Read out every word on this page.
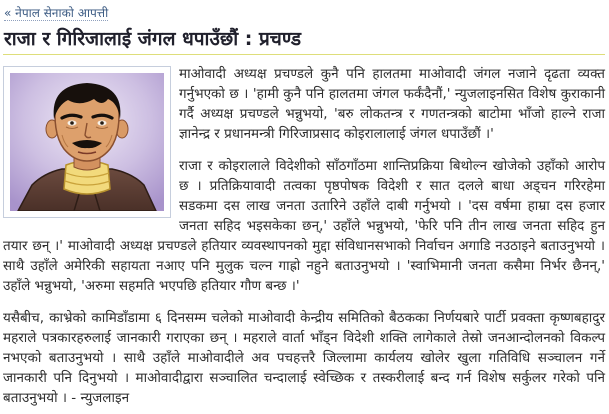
« नेपाल सेनाको आपत्ती
राजा र गिरिजालाई जंगल धपाउँछौं : प्रचण्ड

माओवादी अध्यक्ष प्रचण्डले कुनै पनि हालतमा माओवादी जंगल नजाने दृढता व्यक्त गर्नुभएको छ । 'हामी कुनै पनि हालतमा जंगल फर्कंदैनौं,' न्युजलाइनसित विशेष कुराकानी गर्दै अध्यक्ष प्रचण्डले भन्नुभयो, 'बरु लोकतन्त्र र गणतन्त्रको बाटोमा भाँजो हाल्ने राजा ज्ञानेन्द्र र प्रधानमन्त्री गिरिजाप्रसाद कोइरालालाई जंगल धपाउँछौं ।'

राजा र कोइरालाले विदेशीको साँठगाँठमा शान्तिप्रक्रिया बिथोल्न खोजेको उहाँको आरोप छ । प्रतिक्रियावादी तत्वका पृष्ठपोषक विदेशी र सात दलले बाधा अड्चन गरिरहेमा सडकमा दस लाख जनता उतारिने उहाँले दाबी गर्नुभयो । 'दस वर्षमा हाम्रा दस हजार जनता सहिद भइसकेका छन्,' उहाँले भन्नुभयो, 'फेरि पनि तीन लाख जनता सहिद हुन तयार छन् ।' माओवादी अध्यक्ष प्रचण्डले हतियार व्यवस्थापनको मुद्दा संविधानसभाको निर्वाचन अगाडि नउठाइने बताउनुभयो । साथै उहाँले अमेरिकी सहायता नआए पनि मुलुक चल्न गाह्रो नहुने बताउनुभयो । 'स्वाभिमानी जनता कसैमा निर्भर छैनन्,' उहाँले भन्नुभयो, 'अरुमा सहमति भएपछि हतियार गौण बन्छ ।'

यसैबीच, काभ्रेको कामिडाँडामा ६ दिनसम्म चलेको माओवादी केन्द्रीय समितिको बैठकका निर्णयबारे पार्टी प्रवक्ता कृष्णबहादुर महराले पत्रकारहरुलाई जानकारी गराएका छन् । महराले वार्ता भाँड्न विदेशी शक्ति लागेकाले तेस्रो जनआन्दोलनको विकल्प नभएको बताउनुभयो । साथै उहाँले माओवादीले अव पचहत्तरै जिल्लामा कार्यलय खोलेर खुला गतिविधि सञ्चालन गर्ने जानकारी पनि दिनुभयो । माओवादीद्वारा सञ्चालित चन्दालाई स्वेच्छिक र तस्करीलाई बन्द गर्न विशेष सर्कुलर गरेको पनि बताउनुभयो । - न्युजलाइन
